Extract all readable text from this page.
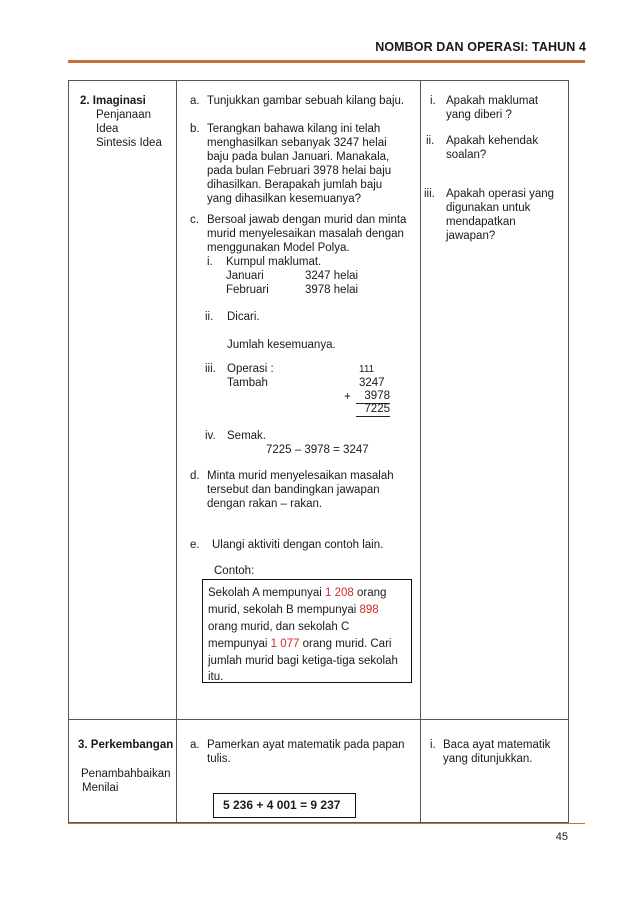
NOMBOR DAN OPERASI: TAHUN 4
2. Imaginasi
Penjanaan
Idea
Sintesis Idea
a. Tunjukkan gambar sebuah kilang baju.
b. Terangkan bahawa kilang ini telah
menghasilkan sebanyak 3247 helai
baju pada bulan Januari. Manakala,
pada bulan Februari 3978 helai baju
dihasilkan. Berapakah jumlah baju
yang dihasilkan kesemuanya?
c. Bersoal jawab dengan murid dan minta
murid menyelesaikan masalah dengan
menggunakan Model Polya.
i. Kumpul maklumat.
Januari	3247 helai
Februari	3978 helai
ii. Dicari.
Jumlah kesemuanya.
iii. Operasi :
Tambah
111
3247
+	3978
7225
iv. Semak.
7225 – 3978 = 3247
d. Minta murid menyelesaikan masalah
tersebut dan bandingkan jawapan
dengan rakan – rakan.
e. Ulangi aktiviti dengan contoh lain.
Contoh:
Sekolah A mempunyai 1 208 orang
murid, sekolah B mempunyai 898
orang murid, dan sekolah C
mempunyai 1 077 orang murid. Cari
jumlah murid bagi ketiga-tiga sekolah
itu.
i. Apakah maklumat
yang diberi ?
ii. Apakah kehendak
soalan?
iii. Apakah operasi yang
digunakan untuk
mendapatkan
jawapan?
3. Perkembangan
Penambahbaikan
Menilai
a. Pamerkan ayat matematik pada papan
tulis.
5 236 + 4 001 = 9 237
i. Baca ayat matematik
yang ditunjukkan.
45
